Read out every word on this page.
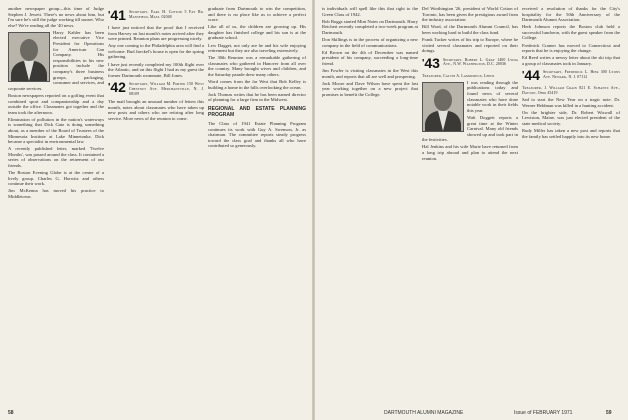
another newspaper group—this time of Judge Stephen J. Jewett. There's no news about him, but I'm sure he's still the judge working till sunset. Who else? We're reading all the '40 news.

Harry Kahler has been elected executive Vice President for Operations for American Can Company. His responsibilities in his new position include the company's three business groups, packaging, consumer and services, and corporate services.

Boston newspapers reported on a golfing event that combined sport and companionship and a day outside the office. Classmates got together and the team took the afternoon.

Elimination of pollution in the nation's waterways is something that Dick Gatz is doing something about, as a member of the Board of Trustees of the Minnesota Institute at Lake Minnetonka. Dick became a specialist in environmental law.

A recently published letter, marked 'Twelve Months', was passed around the class. It contained a series of observations on the retirement of our friends.

The Boston Evening Globe is at the center of a lively group. Charles G. Horwitz and others continue their work.

Jim McKenna has moved his practice to Middletown.

'41 Secretary, Earl H. Cotton 5 Fay Rd. Mansfield, Mass. 02048

I have just noticed that the proof that I received from Harvey on last month's notes arrived after they were printed. Reunion plans are progressing nicely.

Any one coming to the Philadelphia area will find a welcome. Bud Jaeckel's house is open for the spring gathering.

I have just recently completed my 100th flight over the Atlantic, and on this flight I had as my guest the former Dartmouth roommate, Bill Jones.

'42 Secretary, William M. Porter 150 West Chestnut Ave. Merchantville, N. J. 08109

The mail brought an unusual number of letters this month, notes about classmates who have taken up new posts and others who are retiring after long service. More news of the reunion to come.

graduate from Dartmouth to win the competition, and there is no place like us to achieve a perfect score.

Like all of us, the children are growing up. His daughter has finished college and his son is at the graduate school.

Lew Dagget, not only are he and his wife enjoying retirement but they are also traveling extensively.

The 30th Reunion was a remarkable gathering of classmates who gathered in Hanover from all over the country. Many brought wives and children, and the Saturday parade drew many others.

Word comes from the far West that Bob Kelley is building a home in the hills overlooking the ocean.

Jack Thomas writes that he has been named director of planning for a large firm in the Midwest.

REGIONAL AND ESTATE PLANNING PROGRAM

The Class of 1941 Estate Planning Program continues its work with Guy A. Swenson, Jr. as chairman. The committee reports steady progress toward the class goal and thanks all who have contributed so generously.

58

is individuals will spell like this that right to the Green Class of 1942.

Bob Boggs started Mint Notes on Dartmouth. Harry Reichert recently completed a two-week program at Dartmouth.

Don Skillings is in the process of organizing a new company in the field of communications.

Ed Brown on the 4th of December was named president of his company, succeeding a long-time friend.

Jim Fowler is visiting classmates in the West this month, and reports that all are well and prospering.

Jack Moore and Dave Wilson have spent the last year working together on a new project that promises to benefit the College.

Del Worthington '26, president of World Cotton of Toronto, has been given the prestigious award from the industry association.

Bill Ward, of the Dartmouth Alumni Council, has been working hard to build the class fund.

Frank Tucker writes of his trip to Europe, where he visited several classmates and reported on their doings.

'43 Secretary, Robert L. Gray 1400 Lydia Ave., N.W. Washington, D.C. 20036

Treasurer, Calvin A. Lamoureux, Leeds

I was reading through the publications today and found news of several classmates who have done notable work in their fields this year.

Walt Doggett reports a great time at the Winter Carnival. Many old friends showed up and took part in the festivities.

Hal Jenkins and his wife Marie have returned from a long trip abroad and plan to attend the next reunion.

received a resolution of thanks for the City's hospitality for the 50th Anniversary of the Dartmouth Alumni Association.

Herb Johnson reports the Boston club held a successful luncheon, with the guest speaker from the College.

Frederick Cramer has moved to Connecticut and reports that he is enjoying the change.

Ed Reed writes a newsy letter about the ski trip that a group of classmates took in January.

'44 Secretary, Frederick L. Hier 300 Lyons Ave. Newark, N. J. 07112

Treasurer, J. William Crain 821 E. Schantz Ave., Dayton, Ohio 45419

Sad to start the New Year on a tragic note. Dr. Werner Heldman was killed in a hunting accident.

On the brighter side, Dr. Robert Wiswall of Lewiston, Maine, was just elected president of the state medical society.

Rudy Miller has taken a new post and reports that the family has settled happily into its new home.

DARTMOUTH ALUMNI MAGAZINE	Issue of FEBRUARY 1971	59
